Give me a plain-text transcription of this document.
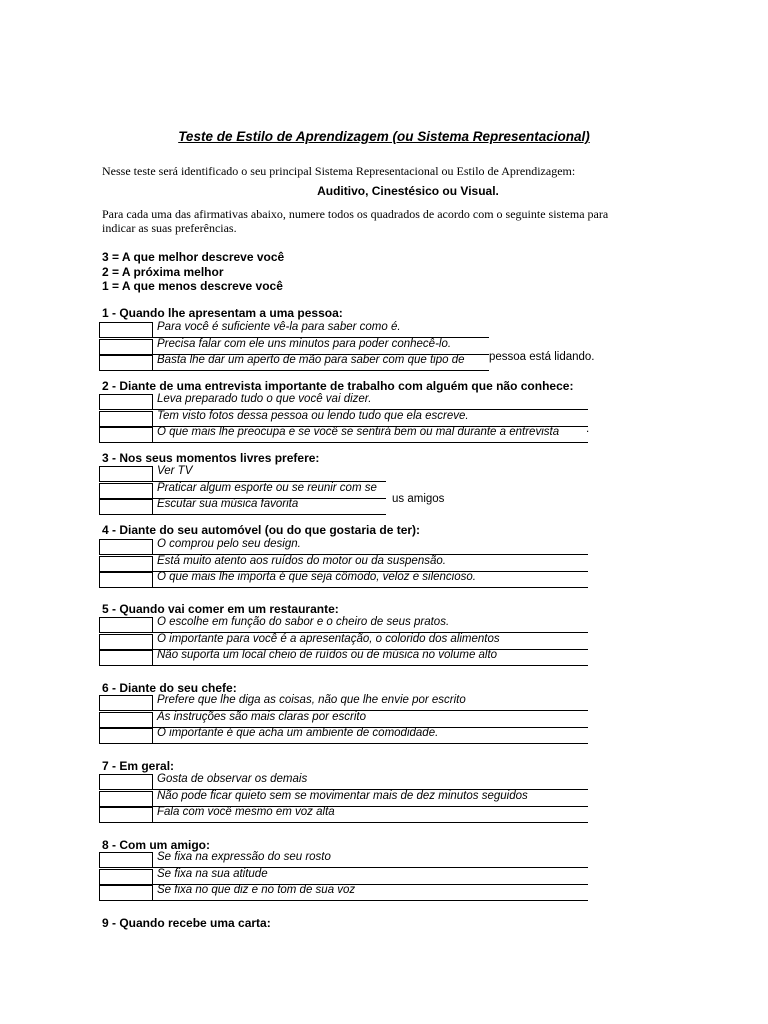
Teste de Estilo de Aprendizagem (ou Sistema Representacional)
Nesse teste será identificado o seu principal Sistema Representacional ou Estilo de Aprendizagem:
Auditivo, Cinestésico ou Visual.
Para cada uma das afirmativas abaixo, numere todos os quadrados de acordo com o seguinte sistema para indicar as suas preferências.
3 = A que melhor descreve você
2 = A próxima melhor
1 = A que menos descreve você
1 - Quando lhe apresentam a uma pessoa:
Para você é suficiente vê-la para saber como é.
Precisa falar com ele uns minutos para poder conhecê-lo.
Basta lhe dar um aperto de mão para saber com que tipo de pessoa está lidando.
2 - Diante de uma entrevista importante de trabalho com alguém que não conhece:
Leva preparado tudo o que você vai dizer.
Tem visto fotos dessa pessoa ou lendo tudo que ela escreve.
O que mais lhe preocupa e se você se sentirá bem ou mal durante a entrevista .
3 - Nos seus momentos livres prefere:
Ver TV
Praticar algum esporte ou se reunir com se
Escutar sua música favorita	us amigos
4 - Diante do seu automóvel (ou do que gostaria de ter):
O comprou pelo seu design.
Está muito atento aos ruídos do motor ou da suspensão.
O que mais lhe importa é que seja cômodo, veloz e silencioso.
5 - Quando vai comer em um restaurante:
O escolhe em função do sabor e o cheiro de seus pratos.
O importante para você é a apresentação, o colorido dos alimentos
Não suporta um local cheio de ruídos ou de música no volume alto
6 - Diante do seu chefe:
Prefere que lhe diga as coisas, não que lhe envie por escrito
As instruções são mais claras por escrito
O importante é que acha um ambiente de comodidade.
7 - Em geral:
Gosta de observar os demais
Não pode ficar quieto sem se movimentar mais de dez minutos seguidos
Fala com você mesmo em voz alta
8 - Com um amigo:
Se fixa na expressão do seu rosto
Se fixa na sua atitude
Se fixa no que diz e no tom de sua voz
9 - Quando recebe uma carta:
